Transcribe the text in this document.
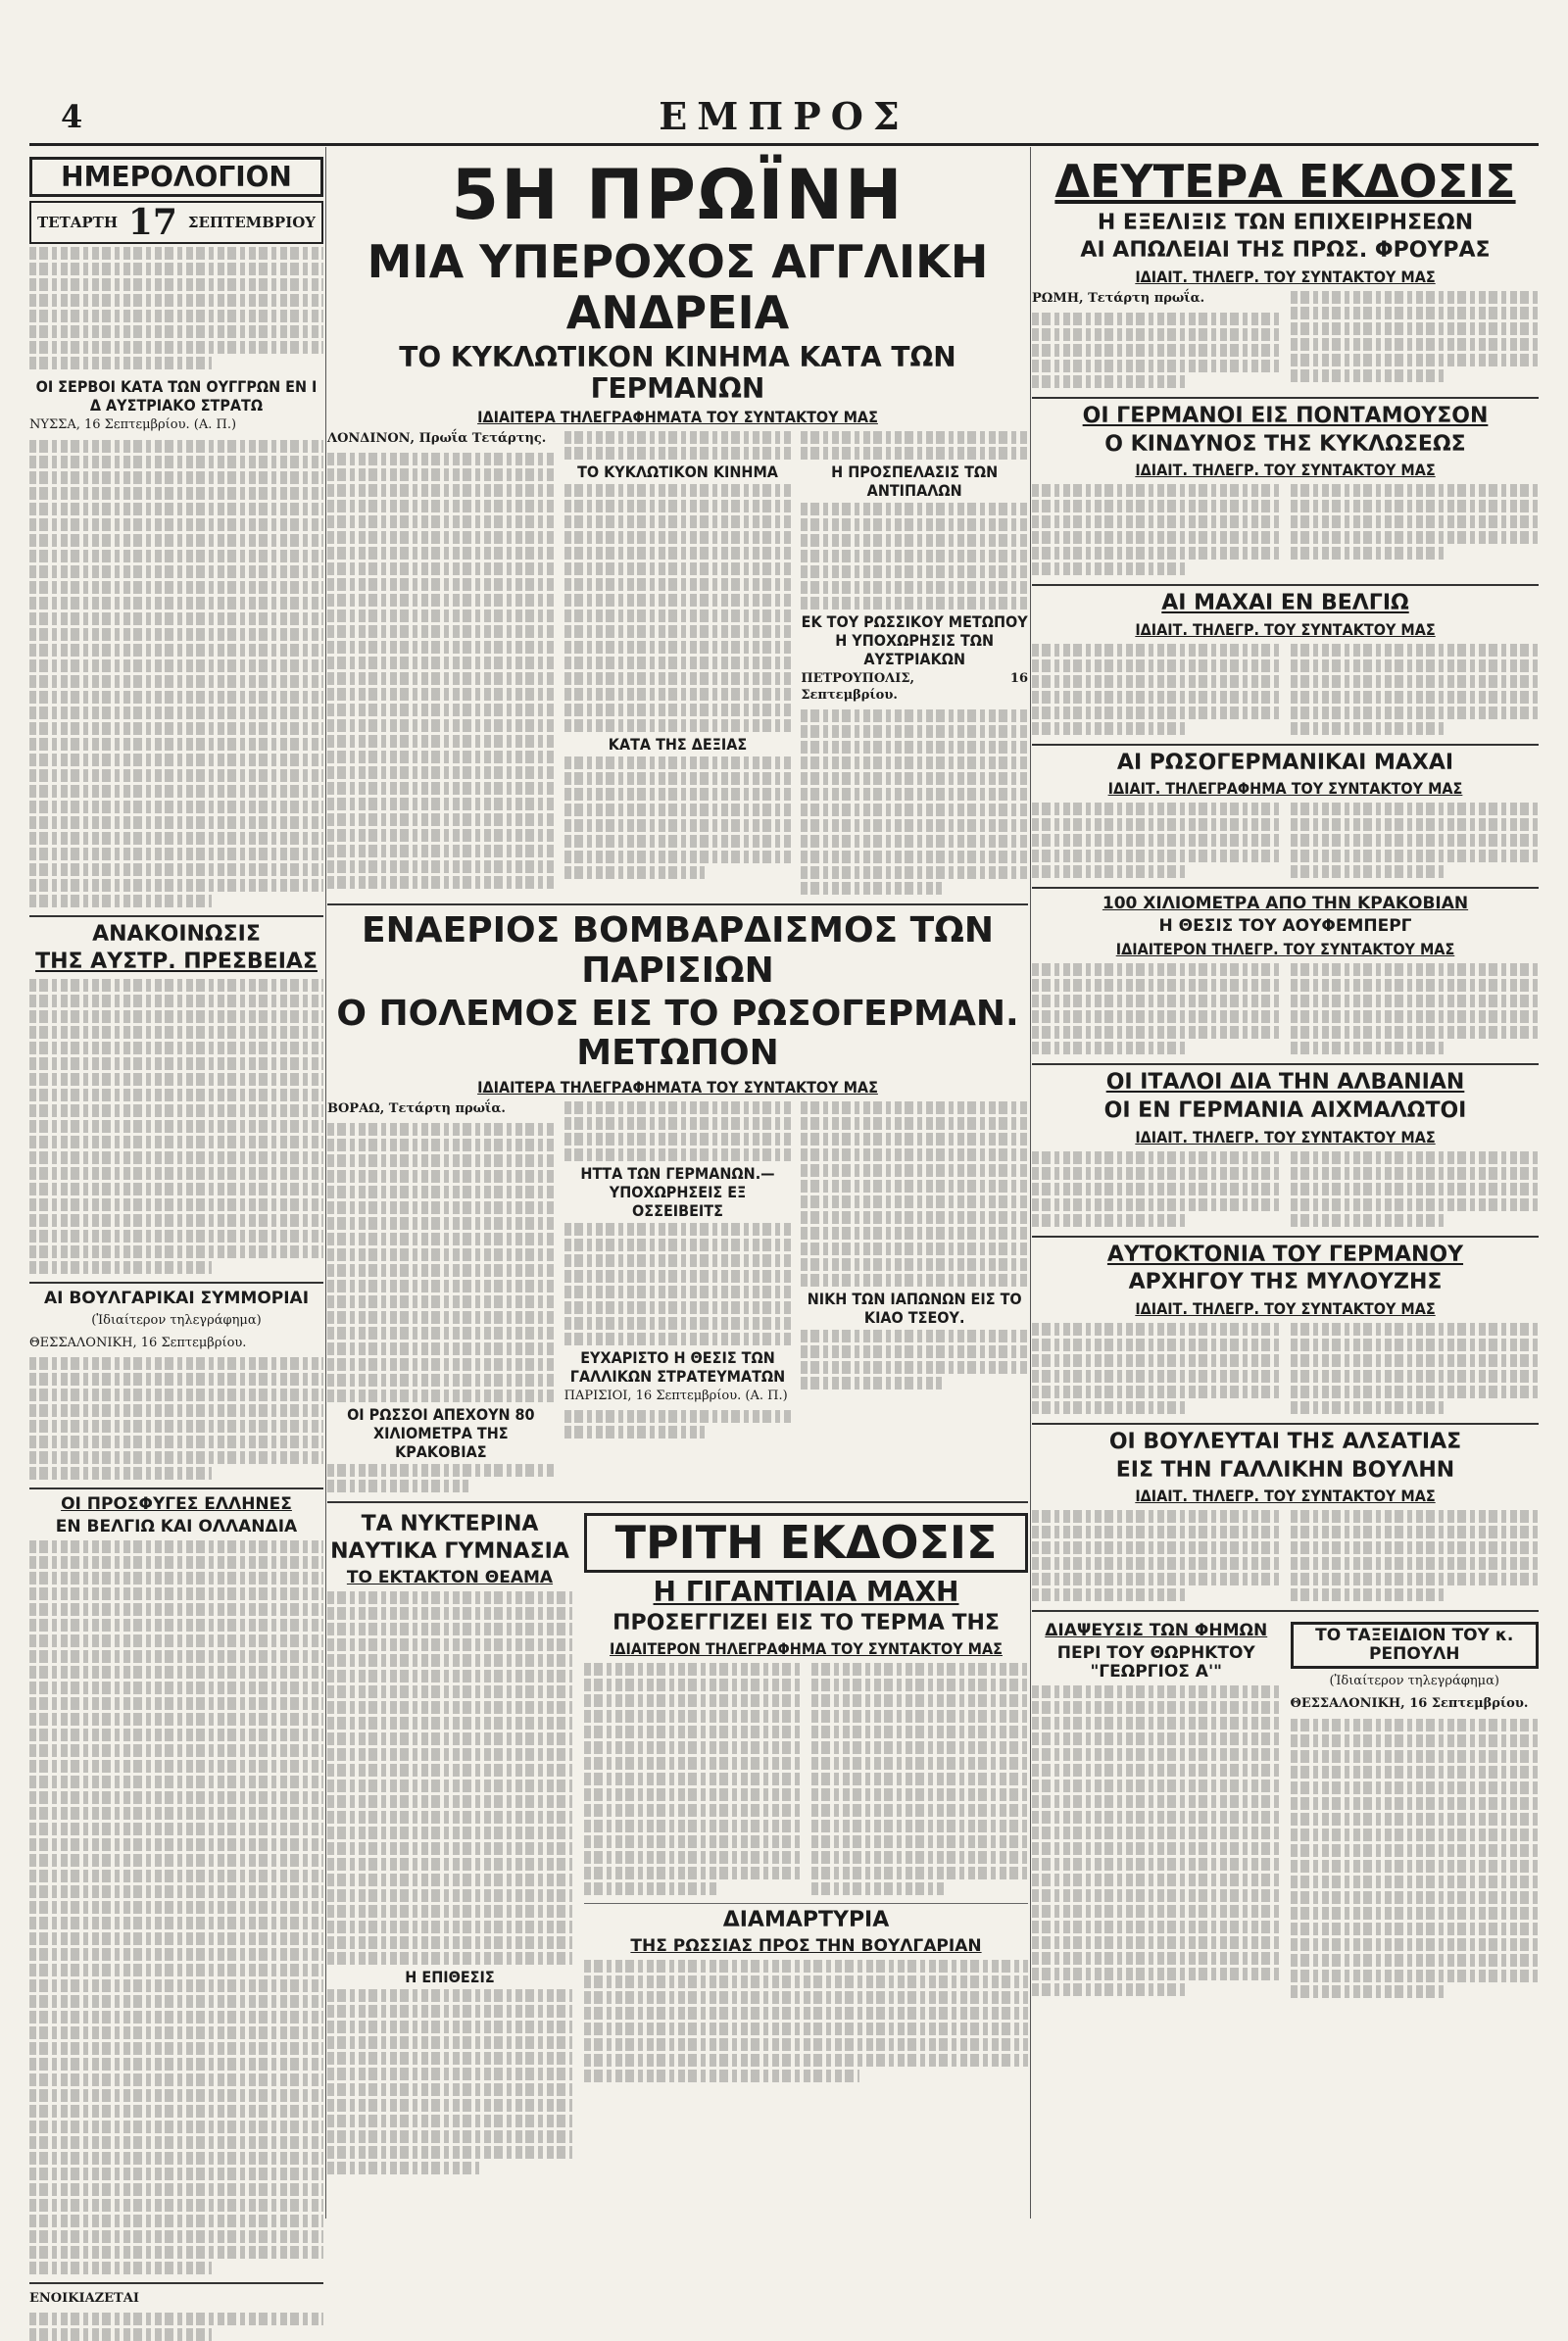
4	ΕΜΠΡΟΣ
ΗΜΕΡΟΛΟΓΙΟΝ
ΤΕΤΑΡΤΗ 17 ΣΕΠΤΕΜΒΡΙΟΥ
ΟΙ ΣΕΡΒΟΙ ΚΑΤΑ ΤΩΝ ΟΥΓΓΡΩΝ ΕΝ Ι Δ ΑΥΣΤΡΙΑΚΟ ΣΤΡΑΤΩ
ΝΥΣΣΑ, 16 Σεπτεμβρίου. (Α. Π.)
ΑΝΑΚΟΙΝΩΣΙΣ
ΤΗΣ ΑΥΣΤΡ. ΠΡΕΣΒΕΙΑΣ
ΑΙ ΒΟΥΛΓΑΡΙΚΑΙ ΣΥΜΜΟΡΙΑΙ
(Ἰδιαίτερον τηλεγράφημα)
ΘΕΣΣΑΛΟΝΙΚΗ, 16 Σεπτεμβρίου.
ΟΙ ΠΡΟΣΦΥΓΕΣ ΕΛΛΗΝΕΣ
ΕΝ ΒΕΛΓΙΩ ΚΑΙ ΟΛΛΑΝΔΙΑ
ΕΝΟΙΚΙΑΖΕΤΑΙ
5Η ΠΡΩΪΝΗ
ΜΙΑ ΥΠΕΡΟΧΟΣ ΑΓΓΛΙΚΗ ΑΝΔΡΕΙΑ
ΤΟ ΚΥΚΛΩΤΙΚΟΝ ΚΙΝΗΜΑ ΚΑΤΑ ΤΩΝ ΓΕΡΜΑΝΩΝ
ΙΔΙΑΙΤΕΡΑ ΤΗΛΕΓΡΑΦΗΜΑΤΑ ΤΟΥ ΣΥΝΤΑΚΤΟΥ ΜΑΣ
ΛΟΝΔΙΝΟΝ, Πρωΐα Τετάρτης.
ΤΟ ΚΥΚΛΩΤΙΚΟΝ ΚΙΝΗΜΑ
ΚΑΤΑ ΤΗΣ ΔΕΞΙΑΣ
Η ΠΡΟΣΠΕΛΑΣΙΣ ΤΩΝ ΑΝΤΙΠΑΛΩΝ
ΕΚ ΤΟΥ ΡΩΣΣΙΚΟΥ ΜΕΤΩΠΟΥ Η ΥΠΟΧΩΡΗΣΙΣ ΤΩΝ ΑΥΣΤΡΙΑΚΩΝ
ΠΕΤΡΟΥΠΟΛΙΣ, 16 Σεπτεμβρίου.
ΕΝΑΕΡΙΟΣ ΒΟΜΒΑΡΔΙΣΜΟΣ ΤΩΝ ΠΑΡΙΣΙΩΝ
Ο ΠΟΛΕΜΟΣ ΕΙΣ ΤΟ ΡΩΣΟΓΕΡΜΑΝ. ΜΕΤΩΠΟΝ
ΙΔΙΑΙΤΕΡΑ ΤΗΛΕΓΡΑΦΗΜΑΤΑ ΤΟΥ ΣΥΝΤΑΚΤΟΥ ΜΑΣ
ΒΟΡΑΩ, Τετάρτη πρωΐα.
ΟΙ ΡΩΣΣΟΙ ΑΠΕΧΟΥΝ 80 ΧΙΛΙΟΜΕΤΡΑ ΤΗΣ ΚΡΑΚΟΒΙΑΣ
ΗΤΤΑ ΤΩΝ ΓΕΡΜΑΝΩΝ.—ΥΠΟΧΩΡΗΣΕΙΣ ΕΞ ΟΣΣΕΙΒΕΙΤΣ
ΕΥΧΑΡΙΣΤΟ Η ΘΕΣΙΣ ΤΩΝ ΓΑΛΛΙΚΩΝ ΣΤΡΑΤΕΥΜΑΤΩΝ
ΠΑΡΙΣΙΟΙ, 16 Σεπτεμβρίου. (Α. Π.)
ΝΙΚΗ ΤΩΝ ΙΑΠΩΝΩΝ ΕΙΣ ΤΟ ΚΙΑΟ ΤΣΕΟΥ.
ΤΑ ΝΥΚΤΕΡΙΝΑ
ΝΑΥΤΙΚΑ ΓΥΜΝΑΣΙΑ
ΤΟ ΕΚΤΑΚΤΟΝ ΘΕΑΜΑ
Η ΕΠΙΘΕΣΙΣ
ΤΡΙΤΗ ΕΚΔΟΣΙΣ
Η ΓΙΓΑΝΤΙΑΙΑ ΜΑΧΗ
ΠΡΟΣΕΓΓΙΖΕΙ ΕΙΣ ΤΟ ΤΕΡΜΑ ΤΗΣ
ΙΔΙΑΙΤΕΡΟΝ ΤΗΛΕΓΡΑΦΗΜΑ ΤΟΥ ΣΥΝΤΑΚΤΟΥ ΜΑΣ
ΔΙΑΜΑΡΤΥΡΙΑ
ΤΗΣ ΡΩΣΣΙΑΣ ΠΡΟΣ ΤΗΝ ΒΟΥΛΓΑΡΙΑΝ
ΔΕΥΤΕΡΑ ΕΚΔΟΣΙΣ
Η ΕΞΕΛΙΞΙΣ ΤΩΝ ΕΠΙΧΕΙΡΗΣΕΩΝ
ΑΙ ΑΠΩΛΕΙΑΙ ΤΗΣ ΠΡΩΣ. ΦΡΟΥΡΑΣ
ΙΔΙΑΙΤ. ΤΗΛΕΓΡ. ΤΟΥ ΣΥΝΤΑΚΤΟΥ ΜΑΣ
ΡΩΜΗ, Τετάρτη πρωΐα.
ΟΙ ΓΕΡΜΑΝΟΙ ΕΙΣ ΠΟΝΤΑΜΟΥΣΟΝ
Ο ΚΙΝΔΥΝΟΣ ΤΗΣ ΚΥΚΛΩΣΕΩΣ
ΙΔΙΑΙΤ. ΤΗΛΕΓΡ. ΤΟΥ ΣΥΝΤΑΚΤΟΥ ΜΑΣ
ΑΙ ΜΑΧΑΙ ΕΝ ΒΕΛΓΙΩ
ΙΔΙΑΙΤ. ΤΗΛΕΓΡ. ΤΟΥ ΣΥΝΤΑΚΤΟΥ ΜΑΣ
ΑΙ ΡΩΣΟΓΕΡΜΑΝΙΚΑΙ ΜΑΧΑΙ
ΙΔΙΑΙΤ. ΤΗΛΕΓΡΑΦΗΜΑ ΤΟΥ ΣΥΝΤΑΚΤΟΥ ΜΑΣ
100 ΧΙΛΙΟΜΕΤΡΑ ΑΠΟ ΤΗΝ ΚΡΑΚΟΒΙΑΝ
Η ΘΕΣΙΣ ΤΟΥ ΑΟΥΦΕΜΠΕΡΓ
ΙΔΙΑΙΤΕΡΟΝ ΤΗΛΕΓΡ. ΤΟΥ ΣΥΝΤΑΚΤΟΥ ΜΑΣ
ΟΙ ΙΤΑΛΟΙ ΔΙΑ ΤΗΝ ΑΛΒΑΝΙΑΝ
ΟΙ ΕΝ ΓΕΡΜΑΝΙΑ ΑΙΧΜΑΛΩΤΟΙ
ΙΔΙΑΙΤ. ΤΗΛΕΓΡ. ΤΟΥ ΣΥΝΤΑΚΤΟΥ ΜΑΣ
ΑΥΤΟΚΤΟΝΙΑ ΤΟΥ ΓΕΡΜΑΝΟΥ
ΑΡΧΗΓΟΥ ΤΗΣ ΜΥΛΟΥΖΗΣ
ΙΔΙΑΙΤ. ΤΗΛΕΓΡ. ΤΟΥ ΣΥΝΤΑΚΤΟΥ ΜΑΣ
ΟΙ ΒΟΥΛΕΥΤΑΙ ΤΗΣ ΑΛΣΑΤΙΑΣ
ΕΙΣ ΤΗΝ ΓΑΛΛΙΚΗΝ ΒΟΥΛΗΝ
ΙΔΙΑΙΤ. ΤΗΛΕΓΡ. ΤΟΥ ΣΥΝΤΑΚΤΟΥ ΜΑΣ
ΔΙΑΨΕΥΣΙΣ ΤΩΝ ΦΗΜΩΝ
ΠΕΡΙ ΤΟΥ ΘΩΡΗΚΤΟΥ "ΓΕΩΡΓΙΟΣ Α'"
ΤΟ ΤΑΞΕΙΔΙΟΝ ΤΟΥ κ. ΡΕΠΟΥΛΗ
(Ἰδιαίτερον τηλεγράφημα)
ΘΕΣΣΑΛΟΝΙΚΗ, 16 Σεπτεμβρίου.
